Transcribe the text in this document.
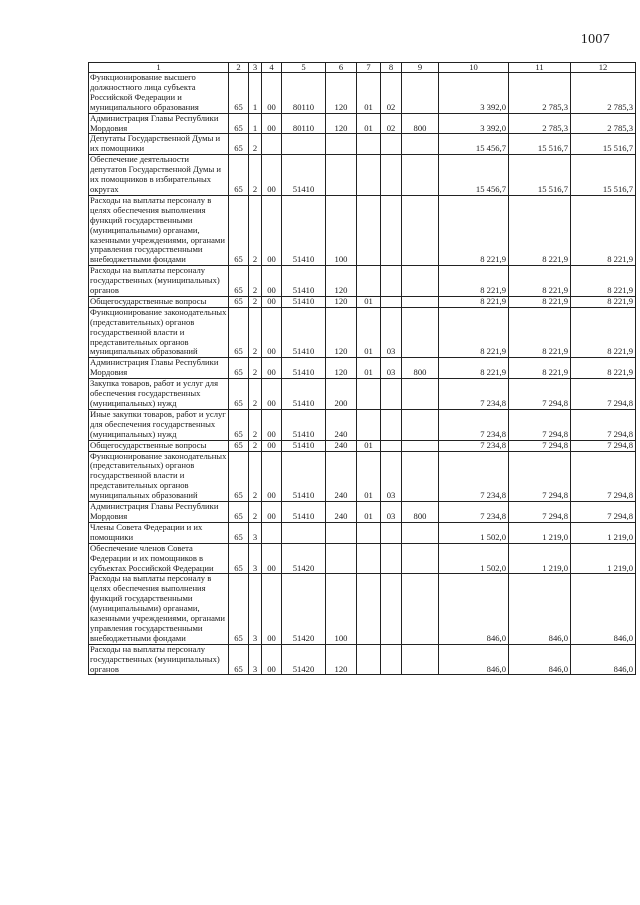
1007
1	2	3	4	5	6	7	8	9	10	11	12
Функционирование высшего должностного лица субъекта Российской Федерации и муниципального образования	65	1	00	80110	120	01	02		3 392,0	2 785,3	2 785,3
Администрация Главы Республики Мордовия	65	1	00	80110	120	01	02	800	3 392,0	2 785,3	2 785,3
Депутаты Государственной Думы и их помощники	65	2							15 456,7	15 516,7	15 516,7
Обеспечение деятельности депутатов Государственной Думы и их помощников в избирательных округах	65	2	00	51410					15 456,7	15 516,7	15 516,7
Расходы на выплаты персоналу в целях обеспечения выполнения функций государственными (муниципальными) органами, казенными учреждениями, органами управления государственными внебюджетными фондами	65	2	00	51410	100				8 221,9	8 221,9	8 221,9
Расходы на выплаты персоналу государственных (муниципальных) органов	65	2	00	51410	120				8 221,9	8 221,9	8 221,9
Общегосударственные вопросы	65	2	00	51410	120	01			8 221,9	8 221,9	8 221,9
Функционирование законодательных (представительных) органов государственной власти и представительных органов муниципальных образований	65	2	00	51410	120	01	03		8 221,9	8 221,9	8 221,9
Администрация Главы Республики Мордовия	65	2	00	51410	120	01	03	800	8 221,9	8 221,9	8 221,9
Закупка товаров, работ и услуг для обеспечения государственных (муниципальных) нужд	65	2	00	51410	200				7 234,8	7 294,8	7 294,8
Иные закупки товаров, работ и услуг для обеспечения государственных (муниципальных) нужд	65	2	00	51410	240				7 234,8	7 294,8	7 294,8
Общегосударственные вопросы	65	2	00	51410	240	01			7 234,8	7 294,8	7 294,8
Функционирование законодательных (представительных) органов государственной власти и представительных органов муниципальных образований	65	2	00	51410	240	01	03		7 234,8	7 294,8	7 294,8
Администрация Главы Республики Мордовия	65	2	00	51410	240	01	03	800	7 234,8	7 294,8	7 294,8
Члены Совета Федерации и их помощники	65	3							1 502,0	1 219,0	1 219,0
Обеспечение членов Совета Федерации и их помощников в субъектах Российской Федерации	65	3	00	51420					1 502,0	1 219,0	1 219,0
Расходы на выплаты персоналу в целях обеспечения выполнения функций государственными (муниципальными) органами, казенными учреждениями, органами управления государственными внебюджетными фондами	65	3	00	51420	100				846,0	846,0	846,0
Расходы на выплаты персоналу государственных (муниципальных) органов	65	3	00	51420	120				846,0	846,0	846,0
